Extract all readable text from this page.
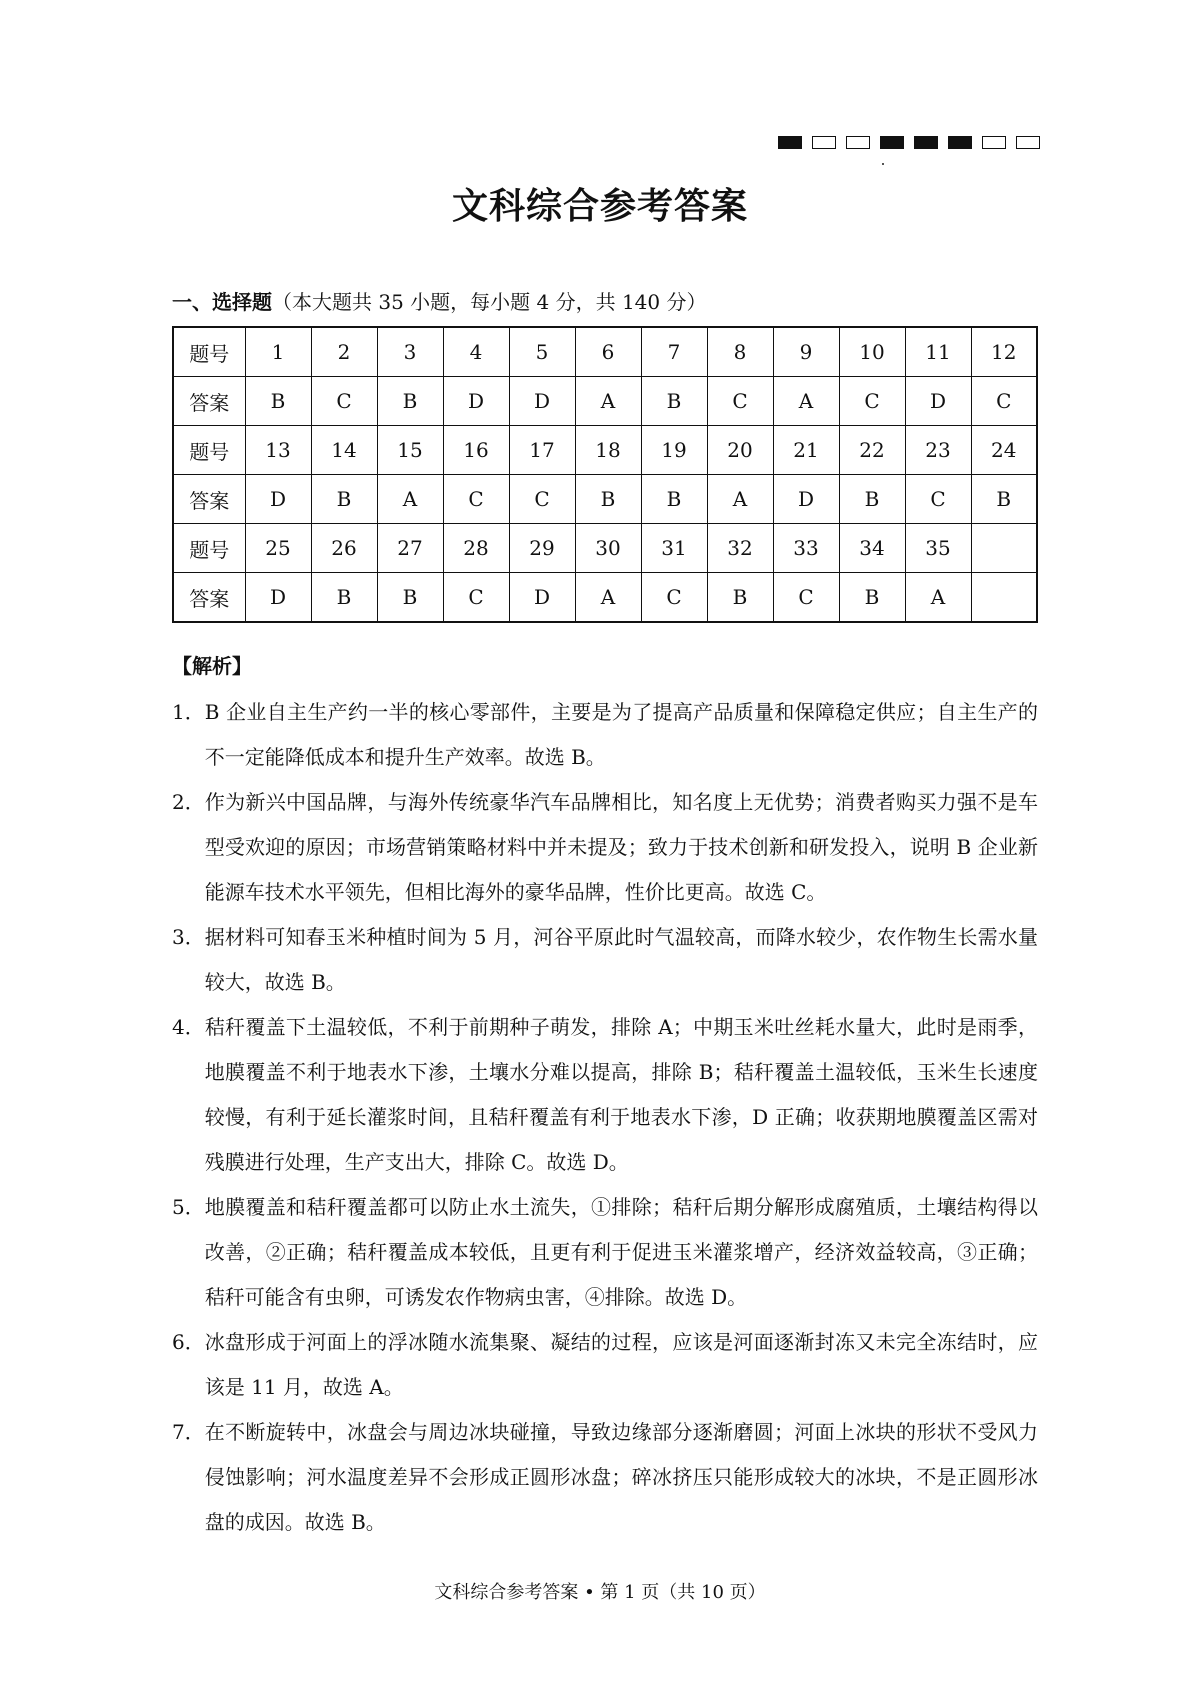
文科综合参考答案
一、选择题（本大题共 35 小题，每小题 4 分，共 140 分）
题号	1	2	3	4	5	6	7	8	9	10	11	12
答案	B	C	B	D	D	A	B	C	A	C	D	C
题号	13	14	15	16	17	18	19	20	21	22	23	24
答案	D	B	A	C	C	B	B	A	D	B	C	B
题号	25	26	27	28	29	30	31	32	33	34	35	
答案	D	B	B	C	D	A	C	B	C	B	A	
【解析】
1． B 企业自主生产约一半的核心零部件，主要是为了提高产品质量和保障稳定供应；自主生产的不一定能降低成本和提升生产效率。故选 B。
2． 作为新兴中国品牌，与海外传统豪华汽车品牌相比，知名度上无优势；消费者购买力强不是车型受欢迎的原因；市场营销策略材料中并未提及；致力于技术创新和研发投入，说明 B 企业新能源车技术水平领先，但相比海外的豪华品牌，性价比更高。故选 C。
3． 据材料可知春玉米种植时间为 5 月，河谷平原此时气温较高，而降水较少，农作物生长需水量较大，故选 B。
4． 秸秆覆盖下土温较低，不利于前期种子萌发，排除 A；中期玉米吐丝耗水量大，此时是雨季，地膜覆盖不利于地表水下渗，土壤水分难以提高，排除 B；秸秆覆盖土温较低，玉米生长速度较慢，有利于延长灌浆时间，且秸秆覆盖有利于地表水下渗，D 正确；收获期地膜覆盖区需对残膜进行处理，生产支出大，排除 C。故选 D。
5． 地膜覆盖和秸秆覆盖都可以防止水土流失，①排除；秸秆后期分解形成腐殖质，土壤结构得以改善，②正确；秸秆覆盖成本较低，且更有利于促进玉米灌浆增产，经济效益较高，③正确；秸秆可能含有虫卵，可诱发农作物病虫害，④排除。故选 D。
6． 冰盘形成于河面上的浮冰随水流集聚、凝结的过程，应该是河面逐渐封冻又未完全冻结时，应该是 11 月，故选 A。
7． 在不断旋转中，冰盘会与周边冰块碰撞，导致边缘部分逐渐磨圆；河面上冰块的形状不受风力侵蚀影响；河水温度差异不会形成正圆形冰盘；碎冰挤压只能形成较大的冰块，不是正圆形冰盘的成因。故选 B。
文科综合参考答案 • 第 1 页（共 10 页）
